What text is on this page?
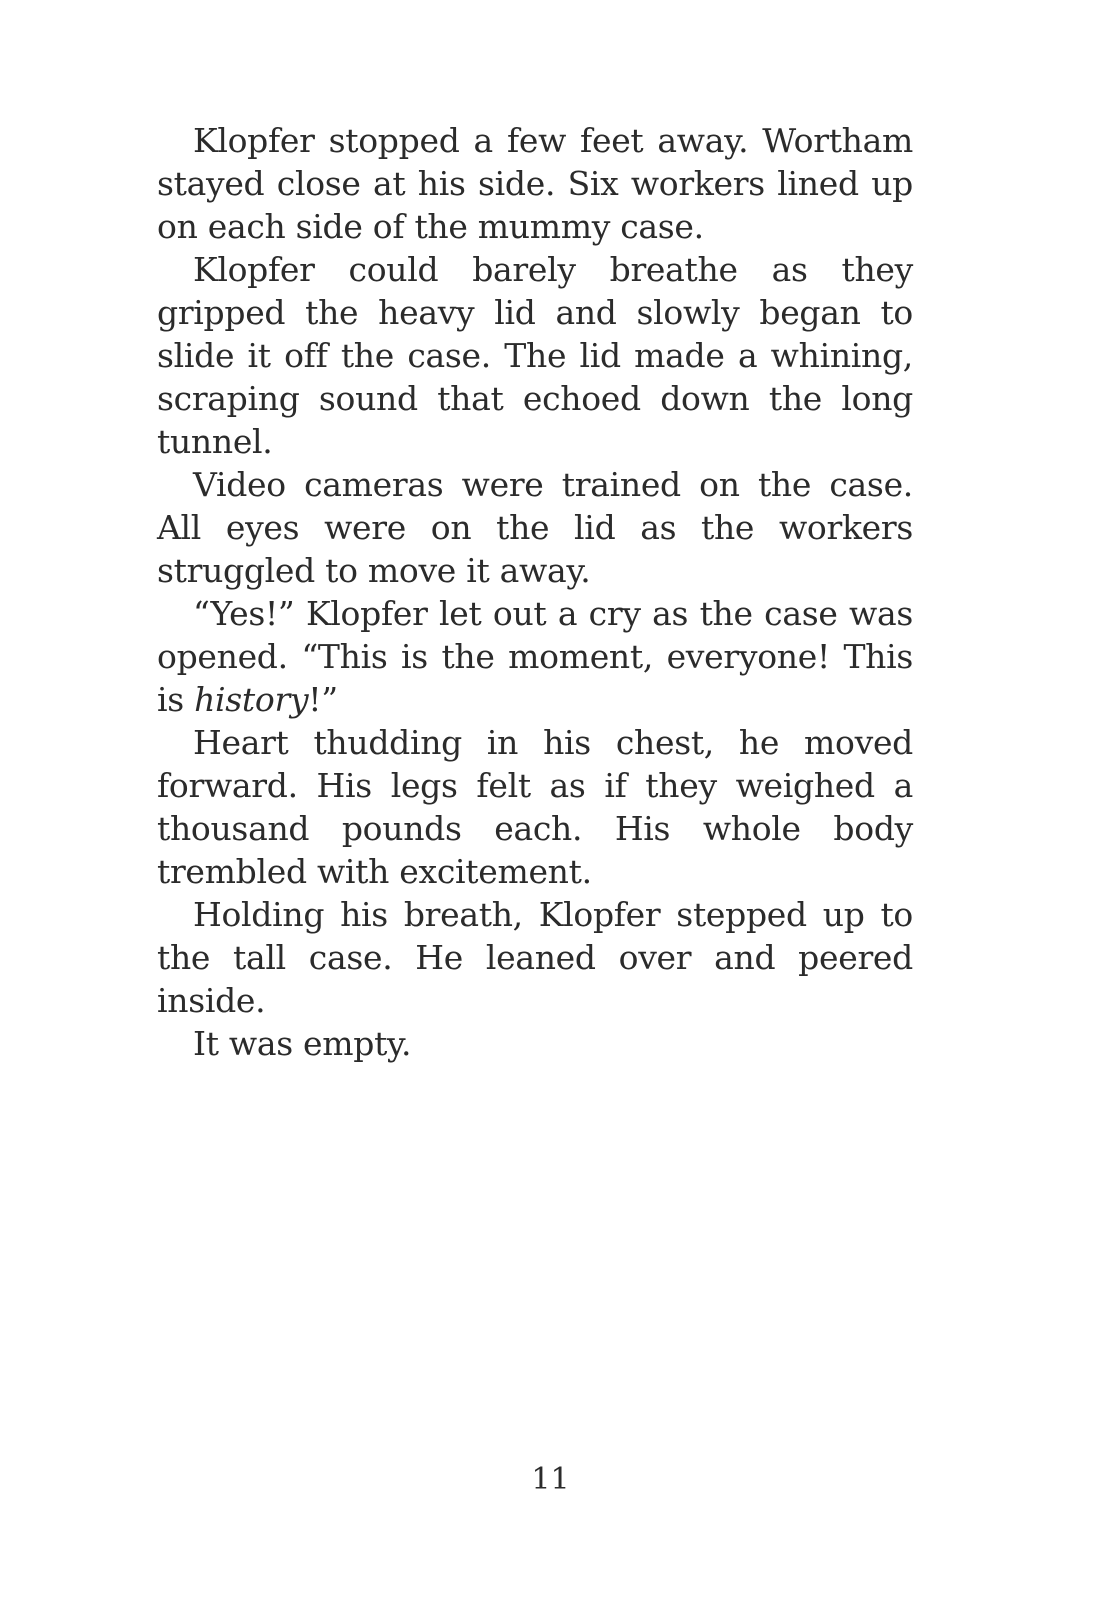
Klopfer stopped a few feet away. Wortham stayed close at his side. Six workers lined up on each side of the mummy case.

Klopfer could barely breathe as they gripped the heavy lid and slowly began to slide it off the case. The lid made a whining, scraping sound that echoed down the long tunnel.

Video cameras were trained on the case. All eyes were on the lid as the workers struggled to move it away.

“Yes!” Klopfer let out a cry as the case was opened. “This is the moment, everyone! This is history!”

Heart thudding in his chest, he moved forward. His legs felt as if they weighed a thousand pounds each. His whole body trembled with excitement.

Holding his breath, Klopfer stepped up to the tall case. He leaned over and peered inside.

It was empty.

11
